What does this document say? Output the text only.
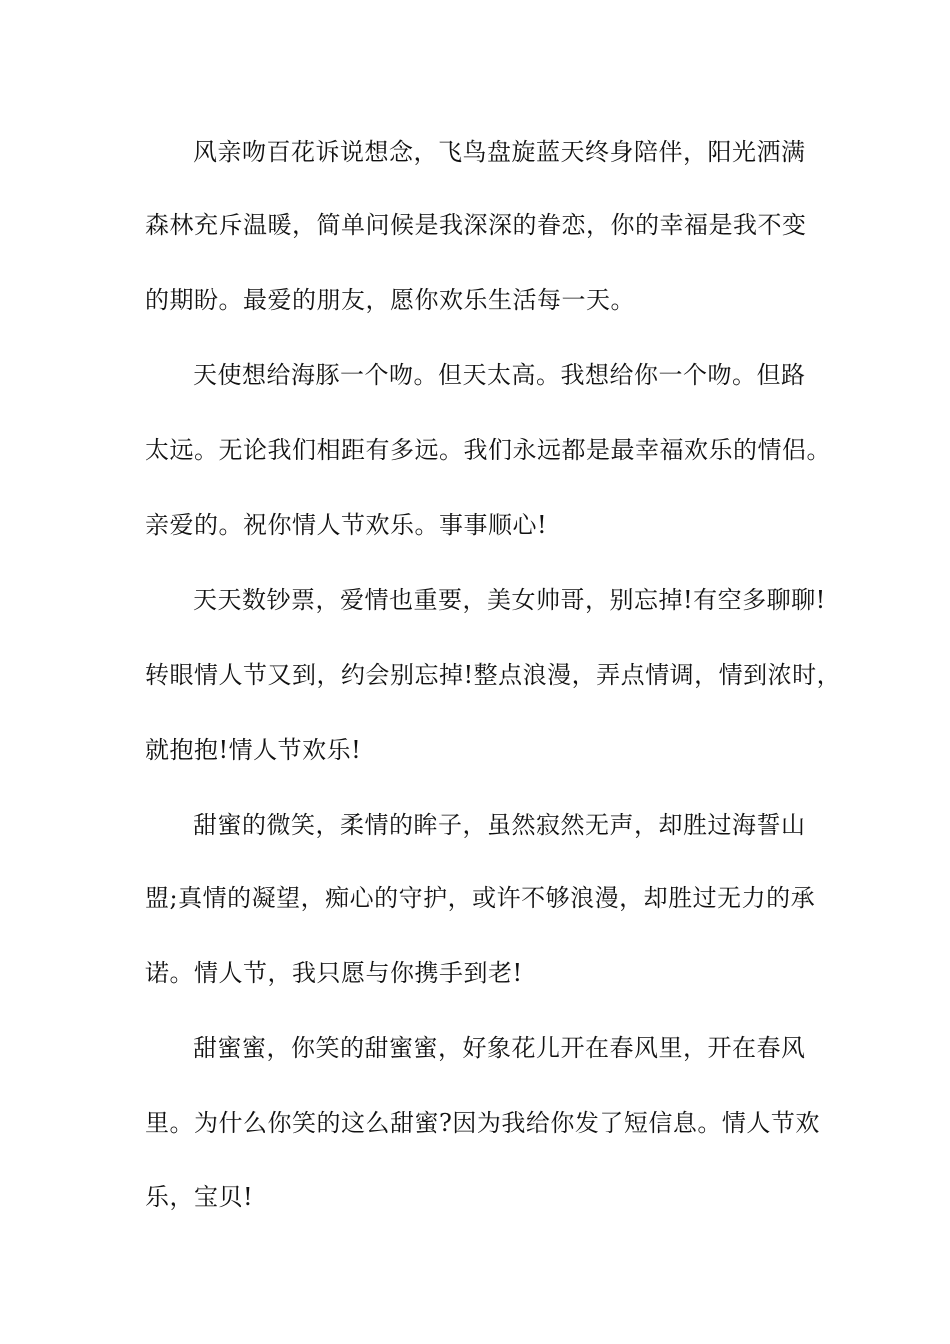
风亲吻百花诉说想念，飞鸟盘旋蓝天终身陪伴，阳光洒满
森林充斥温暖，简单问候是我深深的眷恋，你的幸福是我不变
的期盼。最爱的朋友，愿你欢乐生活每一天。
天使想给海豚一个吻。但天太高。我想给你一个吻。但路
太远。无论我们相距有多远。我们永远都是最幸福欢乐的情侣。
亲爱的。祝你情人节欢乐。事事顺心!
天天数钞票，爱情也重要，美女帅哥，别忘掉!有空多聊聊!
转眼情人节又到，约会别忘掉!整点浪漫，弄点情调，情到浓时，
就抱抱!情人节欢乐!
甜蜜的微笑，柔情的眸子，虽然寂然无声，却胜过海誓山
盟;真情的凝望，痴心的守护，或许不够浪漫，却胜过无力的承
诺。情人节，我只愿与你携手到老!
甜蜜蜜，你笑的甜蜜蜜，好象花儿开在春风里，开在春风
里。为什么你笑的这么甜蜜?因为我给你发了短信息。情人节欢
乐，宝贝!
